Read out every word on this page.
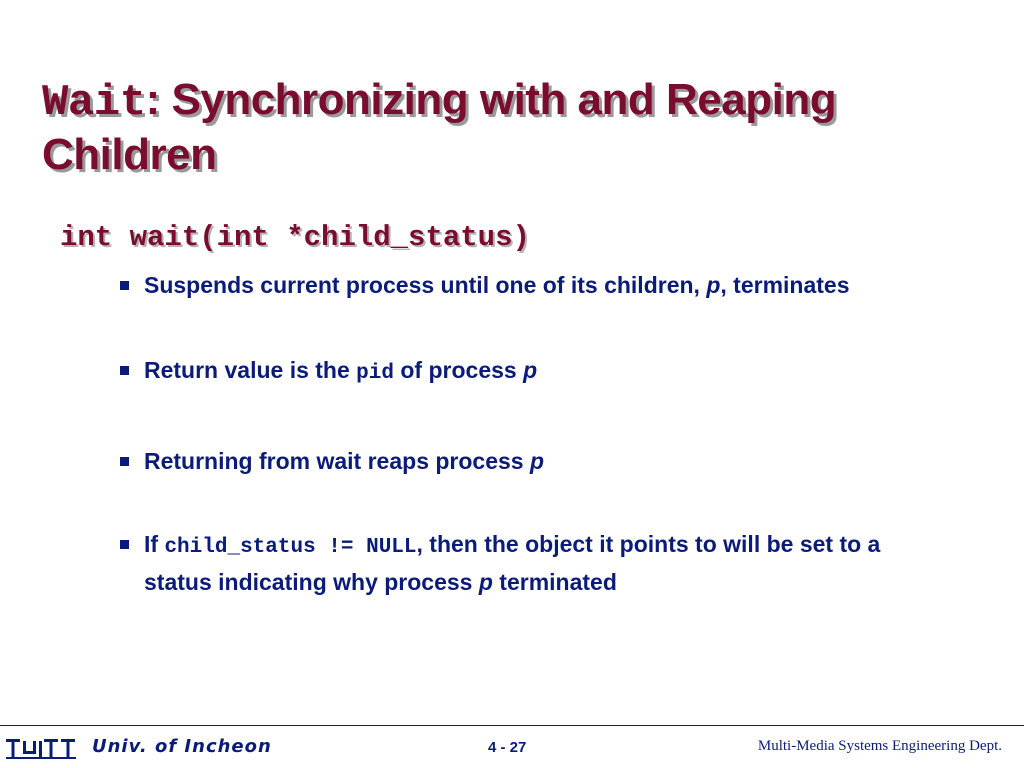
Wait: Synchronizing with and Reaping Children

int wait(int *child_status)

Suspends current process until one of its children, p, terminates
Return value is the pid of process p
Returning from wait reaps process p
If child_status != NULL, then the object it points to will be set to a status indicating why process p terminated

Univ. of Incheon	4 - 27	Multi-Media Systems Engineering Dept.
